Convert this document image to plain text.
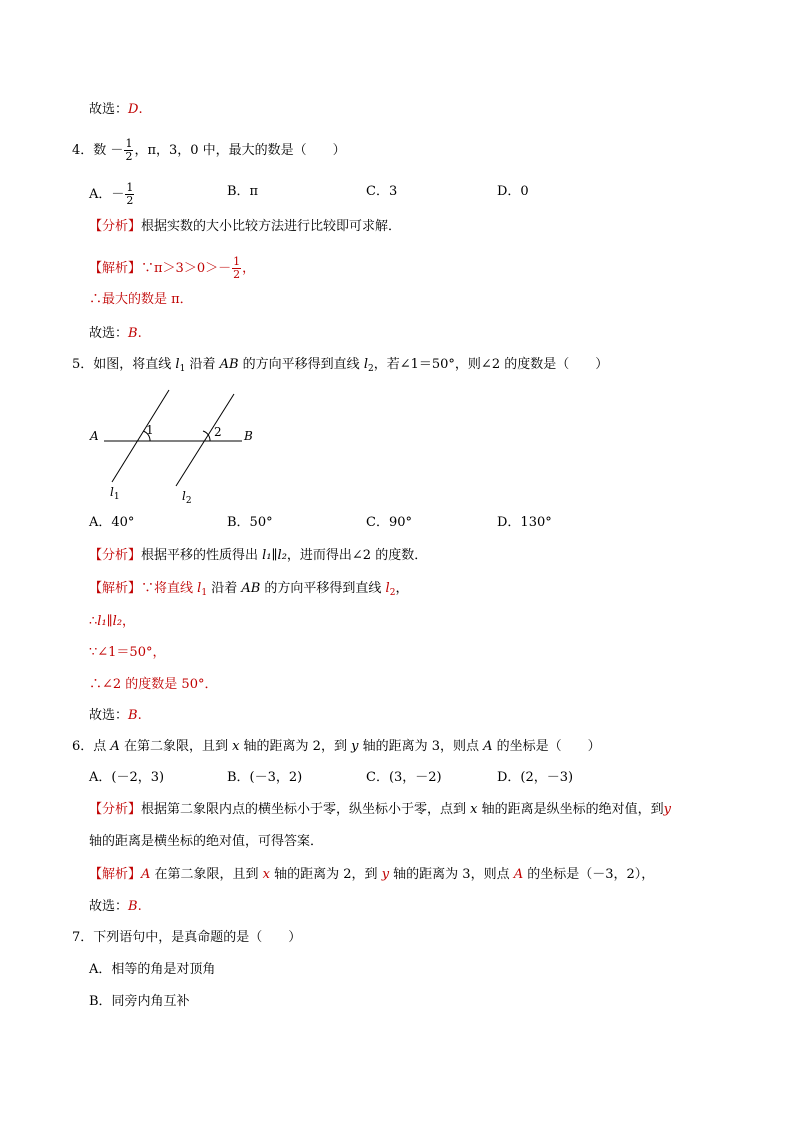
故选：D.
4．数 － $\frac{1}{2}$ ，π，3，0 中，最大的数是（　　）
A．－ $\frac{1}{2}$	B．π	C．3	D．0
【分析】根据实数的大小比较方法进行比较即可求解．
【解析】∵π＞3＞0＞－ $\frac{1}{2}$ ，
∴最大的数是 π．
故选：B.
5．如图，将直线 $l_1$ 沿着 AB 的方向平移得到直线 $l_2$，若∠1＝50°，则∠2 的度数是（　　）
A	B
1	2
$l_1$	$l_2$
A．40°	B．50°	C．90°	D．130°
【分析】根据平移的性质得出 l₁∥l₂，进而得出∠2 的度数．
【解析】∵将直线 $l_1$ 沿着 AB 的方向平移得到直线 $l_2$，
∴l₁∥l₂，
∵∠1＝50°，
∴∠2 的度数是 50°．
故选：B.
6．点 A 在第二象限，且到 x 轴的距离为 2，到 y 轴的距离为 3，则点 A 的坐标是（　　）
A．(－2，3)	B．(－3，2)	C．(3，－2)	D．(2，－3)
【分析】根据第二象限内点的横坐标小于零，纵坐标小于零，点到 x 轴的距离是纵坐标的绝对值，到y
轴的距离是横坐标的绝对值，可得答案．
【解析】A 在第二象限，且到 x 轴的距离为 2，到 y 轴的距离为 3，则点 A 的坐标是（－3，2），
故选：B.
7．下列语句中，是真命题的是（　　）
A．相等的角是对顶角
B．同旁内角互补
